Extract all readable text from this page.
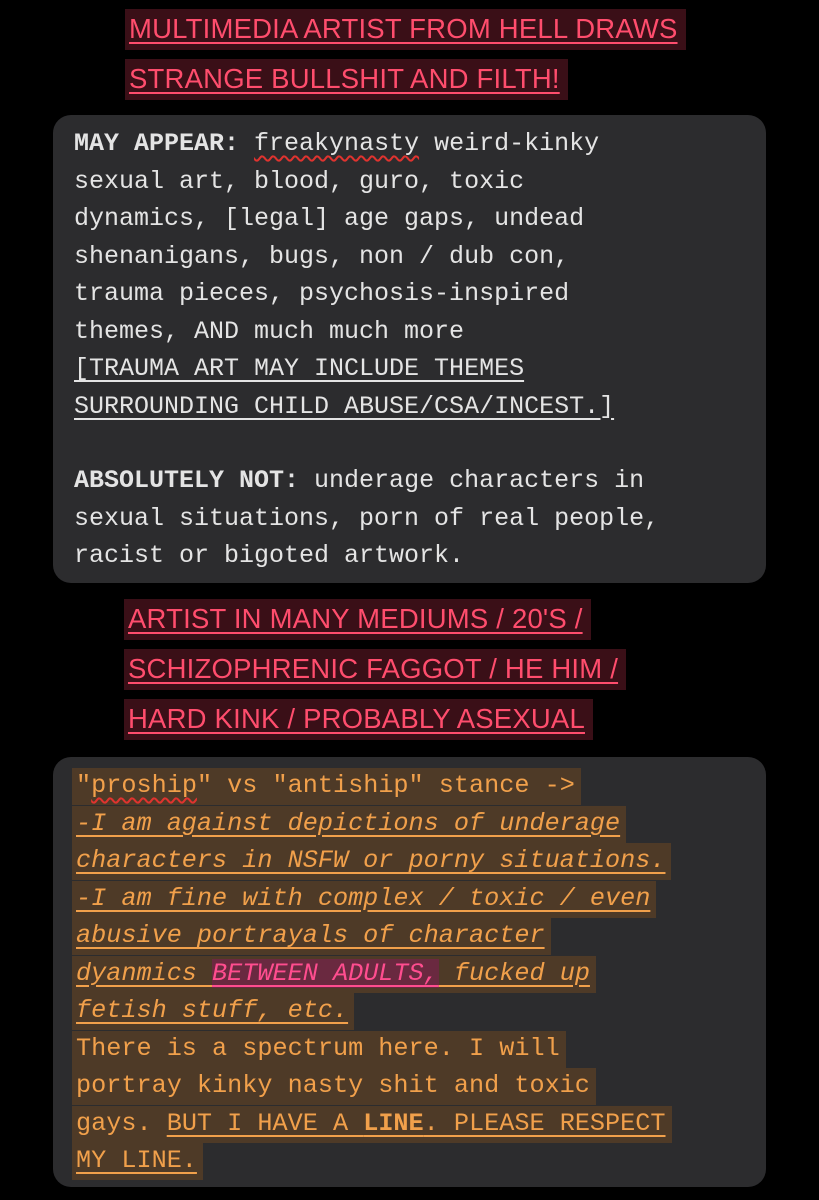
MULTIMEDIA ARTIST FROM HELL DRAWS
STRANGE BULLSHIT AND FILTH!
MAY APPEAR: freakynasty weird-kinky
sexual art, blood, guro, toxic
dynamics, [legal] age gaps, undead
shenanigans, bugs, non / dub con,
trauma pieces, psychosis-inspired
themes, AND much much more
[TRAUMA ART MAY INCLUDE THEMES
SURROUNDING CHILD ABUSE/CSA/INCEST.]
ABSOLUTELY NOT: underage characters in
sexual situations, porn of real people,
racist or bigoted artwork.
ARTIST IN MANY MEDIUMS / 20'S /
SCHIZOPHRENIC FAGGOT / HE HIM /
HARD KINK / PROBABLY ASEXUAL
"proship" vs "antiship" stance ->
-I am against depictions of underage
characters in NSFW or porny situations.
-I am fine with complex / toxic / even
abusive portrayals of character
dyanmics BETWEEN ADULTS, fucked up
fetish stuff, etc.
There is a spectrum here. I will
portray kinky nasty shit and toxic
gays. BUT I HAVE A LINE. PLEASE RESPECT
MY LINE.
